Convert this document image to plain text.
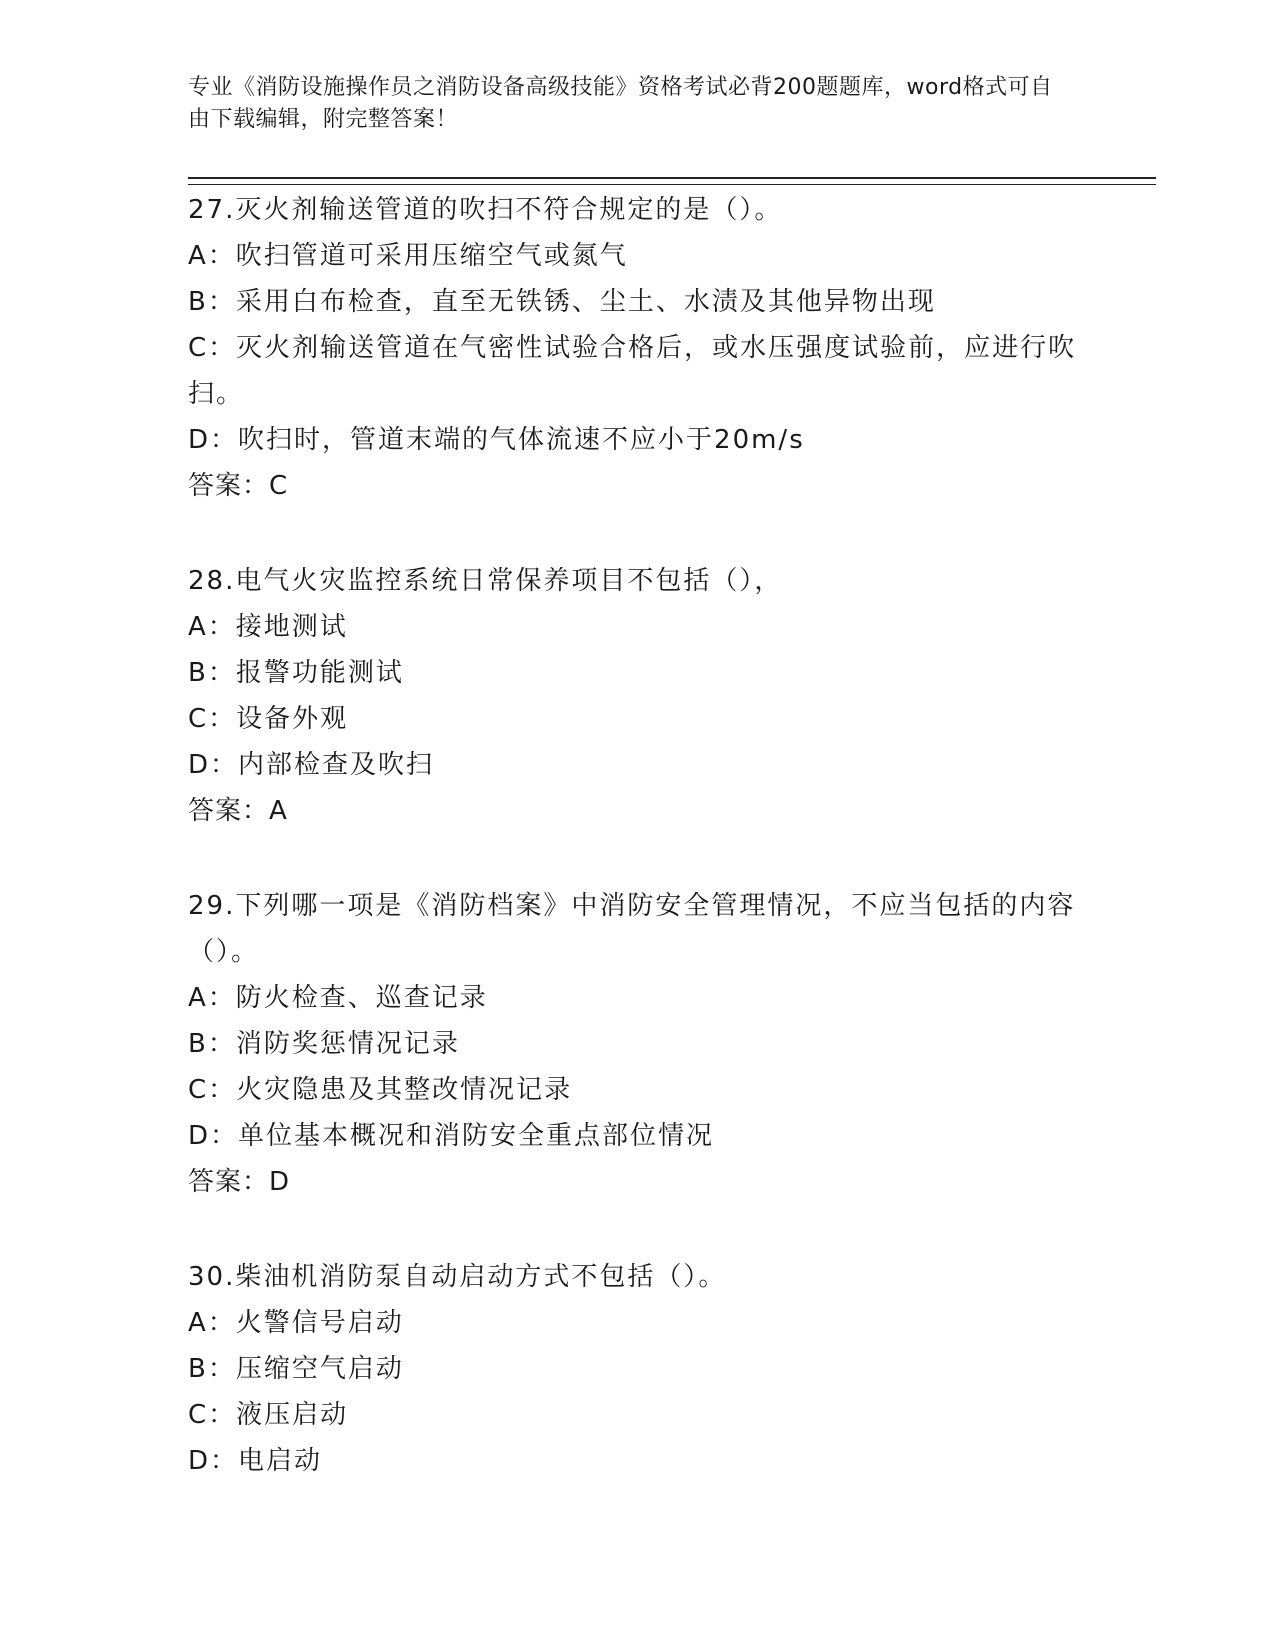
专业《消防设施操作员之消防设备高级技能》资格考试必背200题题库，word格式可自由下载编辑，附完整答案！

27.灭火剂输送管道的吹扫不符合规定的是（）。

A：吹扫管道可采用压缩空气或氮气

B：采用白布检查，直至无铁锈、尘土、水渍及其他异物出现

C：灭火剂输送管道在气密性试验合格后，或水压强度试验前，应进行吹扫。

D：吹扫时，管道末端的气体流速不应小于20m/s

答案：C

28.电气火灾监控系统日常保养项目不包括（），

A：接地测试

B：报警功能测试

C：设备外观

D：内部检查及吹扫

答案：A

29.下列哪一项是《消防档案》中消防安全管理情况，不应当包括的内容（）。

A：防火检查、巡查记录

B：消防奖惩情况记录

C：火灾隐患及其整改情况记录

D：单位基本概况和消防安全重点部位情况

答案：D

30.柴油机消防泵自动启动方式不包括（）。

A：火警信号启动

B：压缩空气启动

C：液压启动

D：电启动
